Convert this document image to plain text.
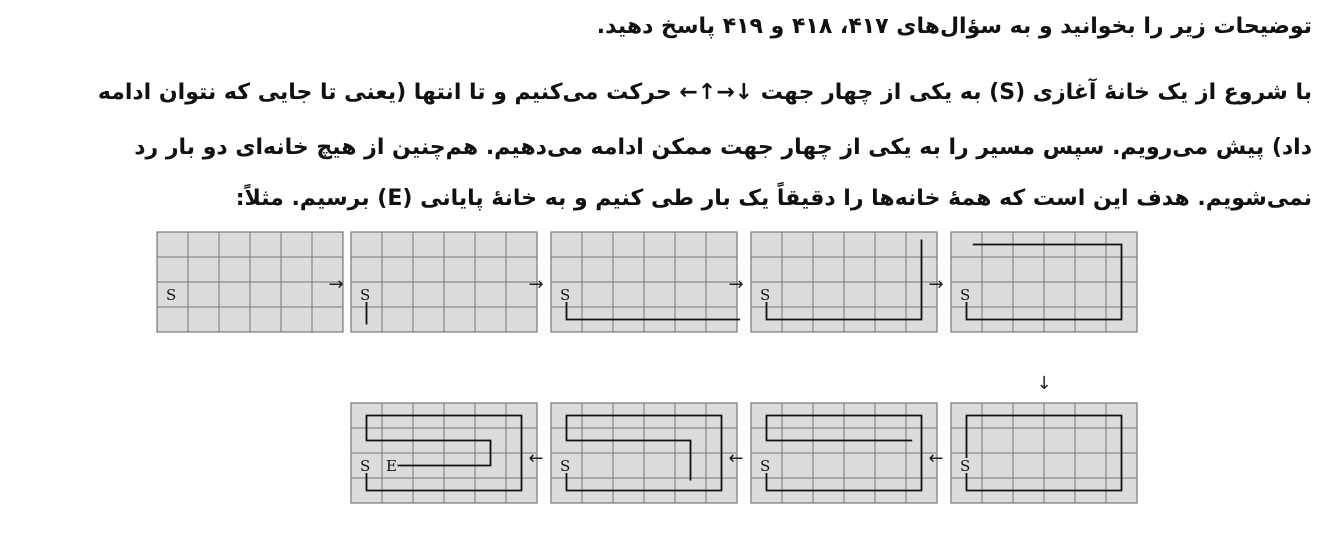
توضیحات زیر را بخوانید و به سؤال‌های ۴۱۷، ۴۱۸ و ۴۱۹ پاسخ دهید.
با شروع از یک خانهٔ آغازی (S) به یکی از چهار جهت ↓→↑← حرکت می‌کنیم و تا انتها (یعنی تا جایی که نتوان ادامه
داد) پیش می‌رویم. سپس مسیر را به یکی از چهار جهت ممکن ادامه می‌دهیم. هم‌چنین از هیچ خانه‌ای دو بار رد
نمی‌شویم. هدف این است که همهٔ خانه‌ها را دقیقاً یک بار طی کنیم و به خانهٔ پایانی (E) برسیم. مثلاً:
S	S	S	S	S
S
S
S
S E
→	→	→	→
↓
←
←
←
